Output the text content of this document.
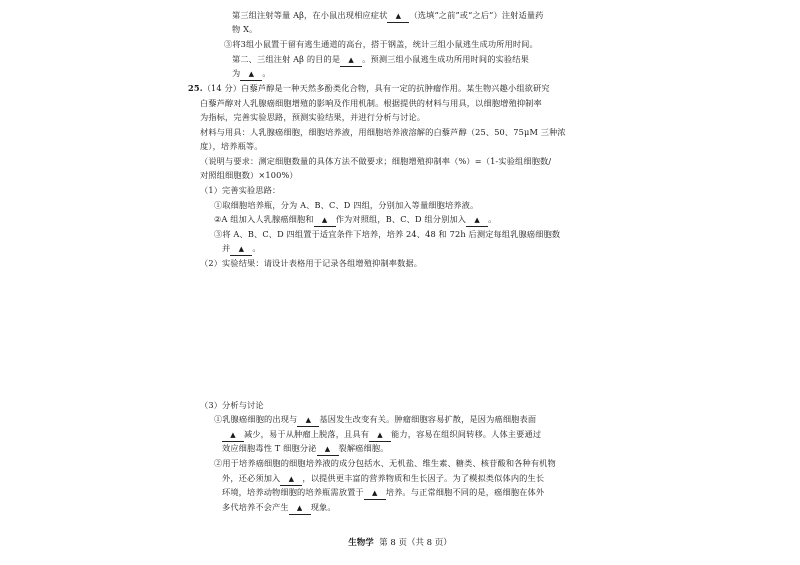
第三组注射等量 Aβ，在小鼠出现相应症状 ▲ （选填“之前”或“之后”）注射适量药
物 X。
③将3组小鼠置于留有逃生通道的高台，搭于钢盖，统计三组小鼠逃生成功所用时间。
第二、三组注射 Aβ 的目的是 ▲ 。预测三组小鼠逃生成功所用时间的实验结果
为 ▲ 。
25.（14 分）白藜芦醇是一种天然多酚类化合物，具有一定的抗肿瘤作用。某生物兴趣小组欲研究
白藜芦醇对人乳腺癌细胞增殖的影响及作用机制。根据提供的材料与用具，以细胞增殖抑制率
为指标，完善实验思路，预测实验结果，并进行分析与讨论。
材料与用具：人乳腺癌细胞，细胞培养液，用细胞培养液溶解的白藜芦醇（25、50、75μM 三种浓
度），培养瓶等。
（说明与要求：测定细胞数量的具体方法不做要求；细胞增殖抑制率（%）=（1-实验组细胞数/
对照组细胞数）×100%）
（1）完善实验思路：
①取细胞培养瓶，分为 A、B、C、D 四组，分别加入等量细胞培养液。
②A 组加入人乳腺癌细胞和 ▲ 作为对照组，B、C、D 组分别加入 ▲ 。
③将 A、B、C、D 四组置于适宜条件下培养，培养 24、48 和 72h 后测定每组乳腺癌细胞数
并 ▲ 。
（2）实验结果：请设计表格用于记录各组增殖抑制率数据。
（3）分析与讨论
①乳腺癌细胞的出现与 ▲ 基因发生改变有关。肿瘤细胞容易扩散，是因为癌细胞表面
▲ 减少，易于从肿瘤上脱落，且具有 ▲ 能力，容易在组织间转移。人体主要通过
效应细胞毒性 T 细胞分泌 ▲ 裂解癌细胞。
②用于培养癌细胞的细胞培养液的成分包括水、无机盐、维生素、糖类、核苷酸和各种有机物
外，还必须加入 ▲ ，以提供更丰富的营养物质和生长因子。为了模拟类似体内的生长
环境，培养动物细胞的培养瓶需放置于 ▲ 培养。与正常细胞不同的是，癌细胞在体外
多代培养不会产生 ▲ 现象。
生物学 第 8 页（共 8 页）
